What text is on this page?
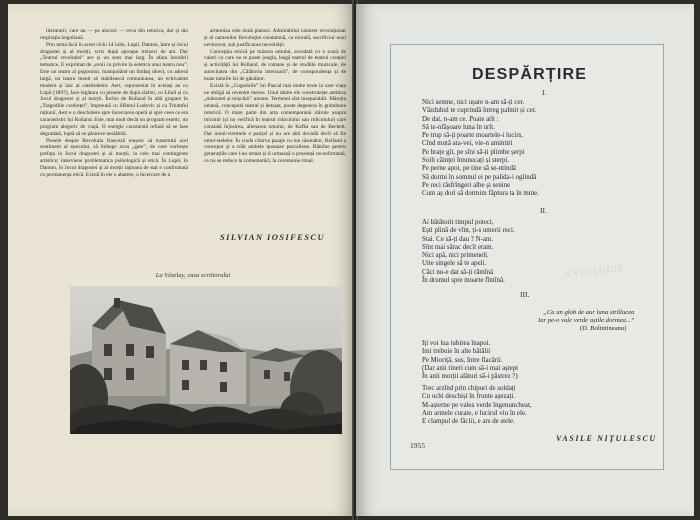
literaturii, care au — pe alocuri — ceva din retorica, dar și din respirația hugoliană.

Prin tema încă în acest ciclu 14 iulie, Lupii, Danton, între și Jocul dragostei și al morții, scris după aproape treizeci de ani. Dar „Teatrul revoluției” are și un sens mai larg. În afara înrudirii tematice, E exprimat de „eroii cu privire la estetica unui teatru nou”. Este un teatru al poporului, manipulând un limbaj direct, cu adresă largă, un teatru menit să stabilească comuniunea, un echivalent modern și laic al catedralelor. Aert, reprezentat în același an cu Lupii (1897), face legătura cu piesele de după război, cu Lilull și cu Jocul dragostei și al morții. Închis de Rolland în altă grupare în „Tragedille credinței”, împreună cu Sfântul Ludovic și cu Triumful rațiunii, Aert e o deschidere spre încercarea operă și spre ceea ce era caracteristic lui Rolland. Este, mai mult decât un program estetic, un program alegoric de viață. O energie constientă refuză să se lase degradată, luptă să se păstreze neslăbită.

Piesele despre Revoluția franceză reușesc să transmită acel sentiment al epocului, să îmbege acea „gate”, de care vorbește prefața la Jocul dragostei și al morții, la cele mai contingente artistice; interviene problematica psihologică și etică. În Lupii, în Danton, în Jocul dragostei și al morții rațiunea de stat e confruntată cu permanența etică. Există în ele o abatere, o încercare de a

armoniza cele două planuri. Admirabilul caracter revoluționar și al oamenilor Revoluției condamnă, ca morală, sacrificiul unui nevinovat, sub justificarea necesității.

Concepția eroică pe măsura omului, acordată cu o scară de valori cu care nu te poate jongla, leagă teatrul de teatrul creației și activității lui Rolland, de romane și de studiile muzicale, de autocitatea din „Călătoria interioară”, de corespondența și de toate laturile lui de gânditor.

Există în „Cugetările” lui Pascal mai multe texte la care viața ne obligă să revenim mereu. Unul dintre ele construiește antiteza „măruntei și mișcării” umane. Termenii sînt inseparabili. Măreția umană, concepută teatral și detașat, poate degenera în grandoare retorică. O mare parte din arta contemporană stăruie asupra micimii (și nu verifică în teatrul ridicolului sau ridiculului) care constată înjosirea, alienarea omului, de Kafka sau de Beckett. Dar omul-viermele e parțial și nu are altă dovadă decît să fie omul-stelelor. În ciuda citorva pasaje cu ton răsunător, Rolland a conceput și a trăit ambele ipostaze pascaliene. Rămîne pentru generațiile care l-au urmat și il urmează o prezență reconfortantă, ce nu se reduce la comemorări, la ceremonie ritual.

SILVIAN IOSIFESCU
La Vézelay, casa scriitorului	ANTOLOGIE
DESPĂRȚIRE
I.
Nici semne, nici ușare n-am să-ți cer.
Văzduhul te cuprindă întreg palmit și cer.
De dat, n-am ce. Poate atît :
Să te-nfășoare luna în urît.
Pe trup să-ți poarte moartele-i lucirs,
Cînd mută ata-vei, vie-n amintiri
Pe brațe gît, pe sîni să-ți plimbe șerpi
Soili căinței întunecați și sterpi.
Pe perne apoi, pe tine să se-ntindă
Să dormi în somnul ei pe palida-i oglindă
Pe reci răsfrîngeri albe și senine
Cum aș dori să dormim făptura ta în mine.
II.
Ai bătătorit timpul poteci,
Ești plină de vînt, ți-s umerii reci.
Stai. Ce să-ți dau ? N-am.
Sînt mai sărac decît eram.
Nici apă, nici primeneli.
Uite singele să te apeli.
Căci nu-e dat să-ți rămînă
În drumul spre moarte fîntînă.
III.
„Ca un glob de aur luna strălucea
Iar pe-o vale verde oștile dormea...”
(D. Bolintineanu)
Iți voi lua iubirea înapoi.
Imi trebuie în alte bătălii
Pe Mioriță, sus, între flacării.
(Dar anii tineri cum să-i mai aștept
În anii morții alături să-i păstrez ?)
Trec arzînd prin chipuri de soldați
Cu ochi deschiși în frunte așezați.
M-așterne pe valea verde îngenuncheat,
Am armele curate, e lucirul viu în ele.
E clampul de făclii, e ars de stele.
1955
VASILE NIȚULESCU
